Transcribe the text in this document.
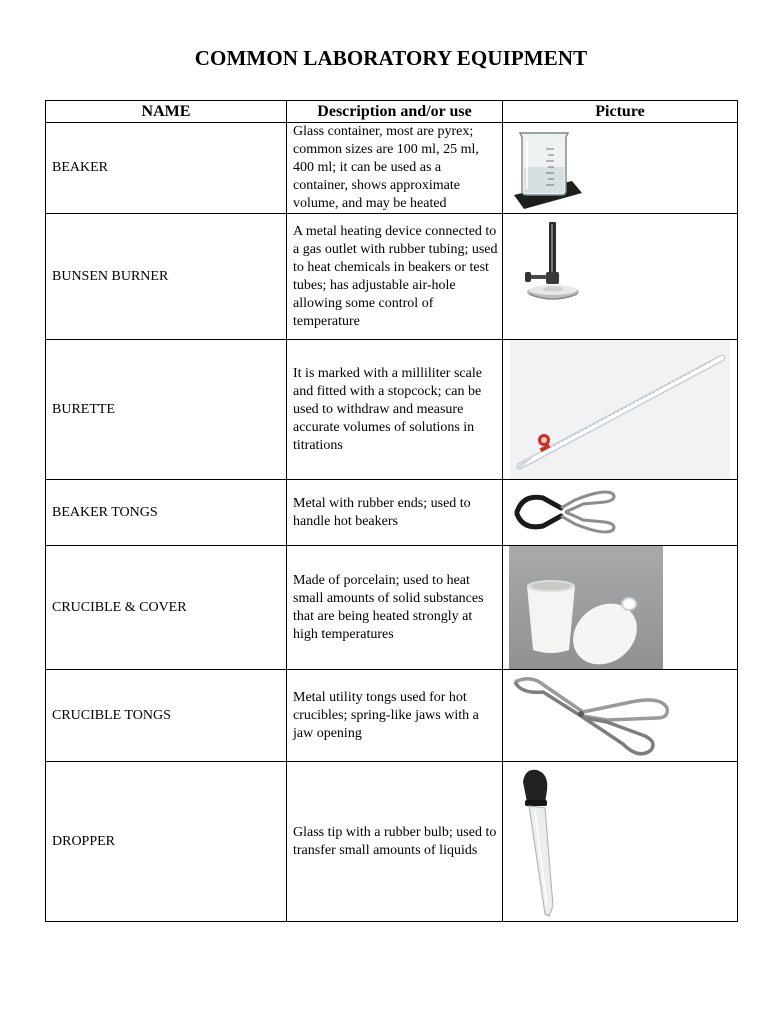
COMMON LABORATORY EQUIPMENT
NAME	Description and/or use	Picture
BEAKER	Glass container, most are pyrex; common sizes are 100 ml, 25 ml, 400 ml; it can be used as a container, shows approximate volume, and may be heated	

BUNSEN BURNER	A metal heating device connected to a gas outlet with rubber tubing; used to heat chemicals in beakers or test tubes; has adjustable air-hole allowing some control of temperature	

BURETTE	It is marked with a milliliter scale and fitted with a stopcock; can be used to withdraw and measure accurate volumes of solutions in titrations	

BEAKER TONGS	Metal with rubber ends; used to handle hot beakers	

CRUCIBLE & COVER	Made of porcelain; used to heat small amounts of solid substances that are being heated strongly at high temperatures	

CRUCIBLE TONGS	Metal utility tongs used for hot crucibles; spring-like jaws with a jaw opening	

DROPPER	Glass tip with a rubber bulb; used to transfer small amounts of liquids	
